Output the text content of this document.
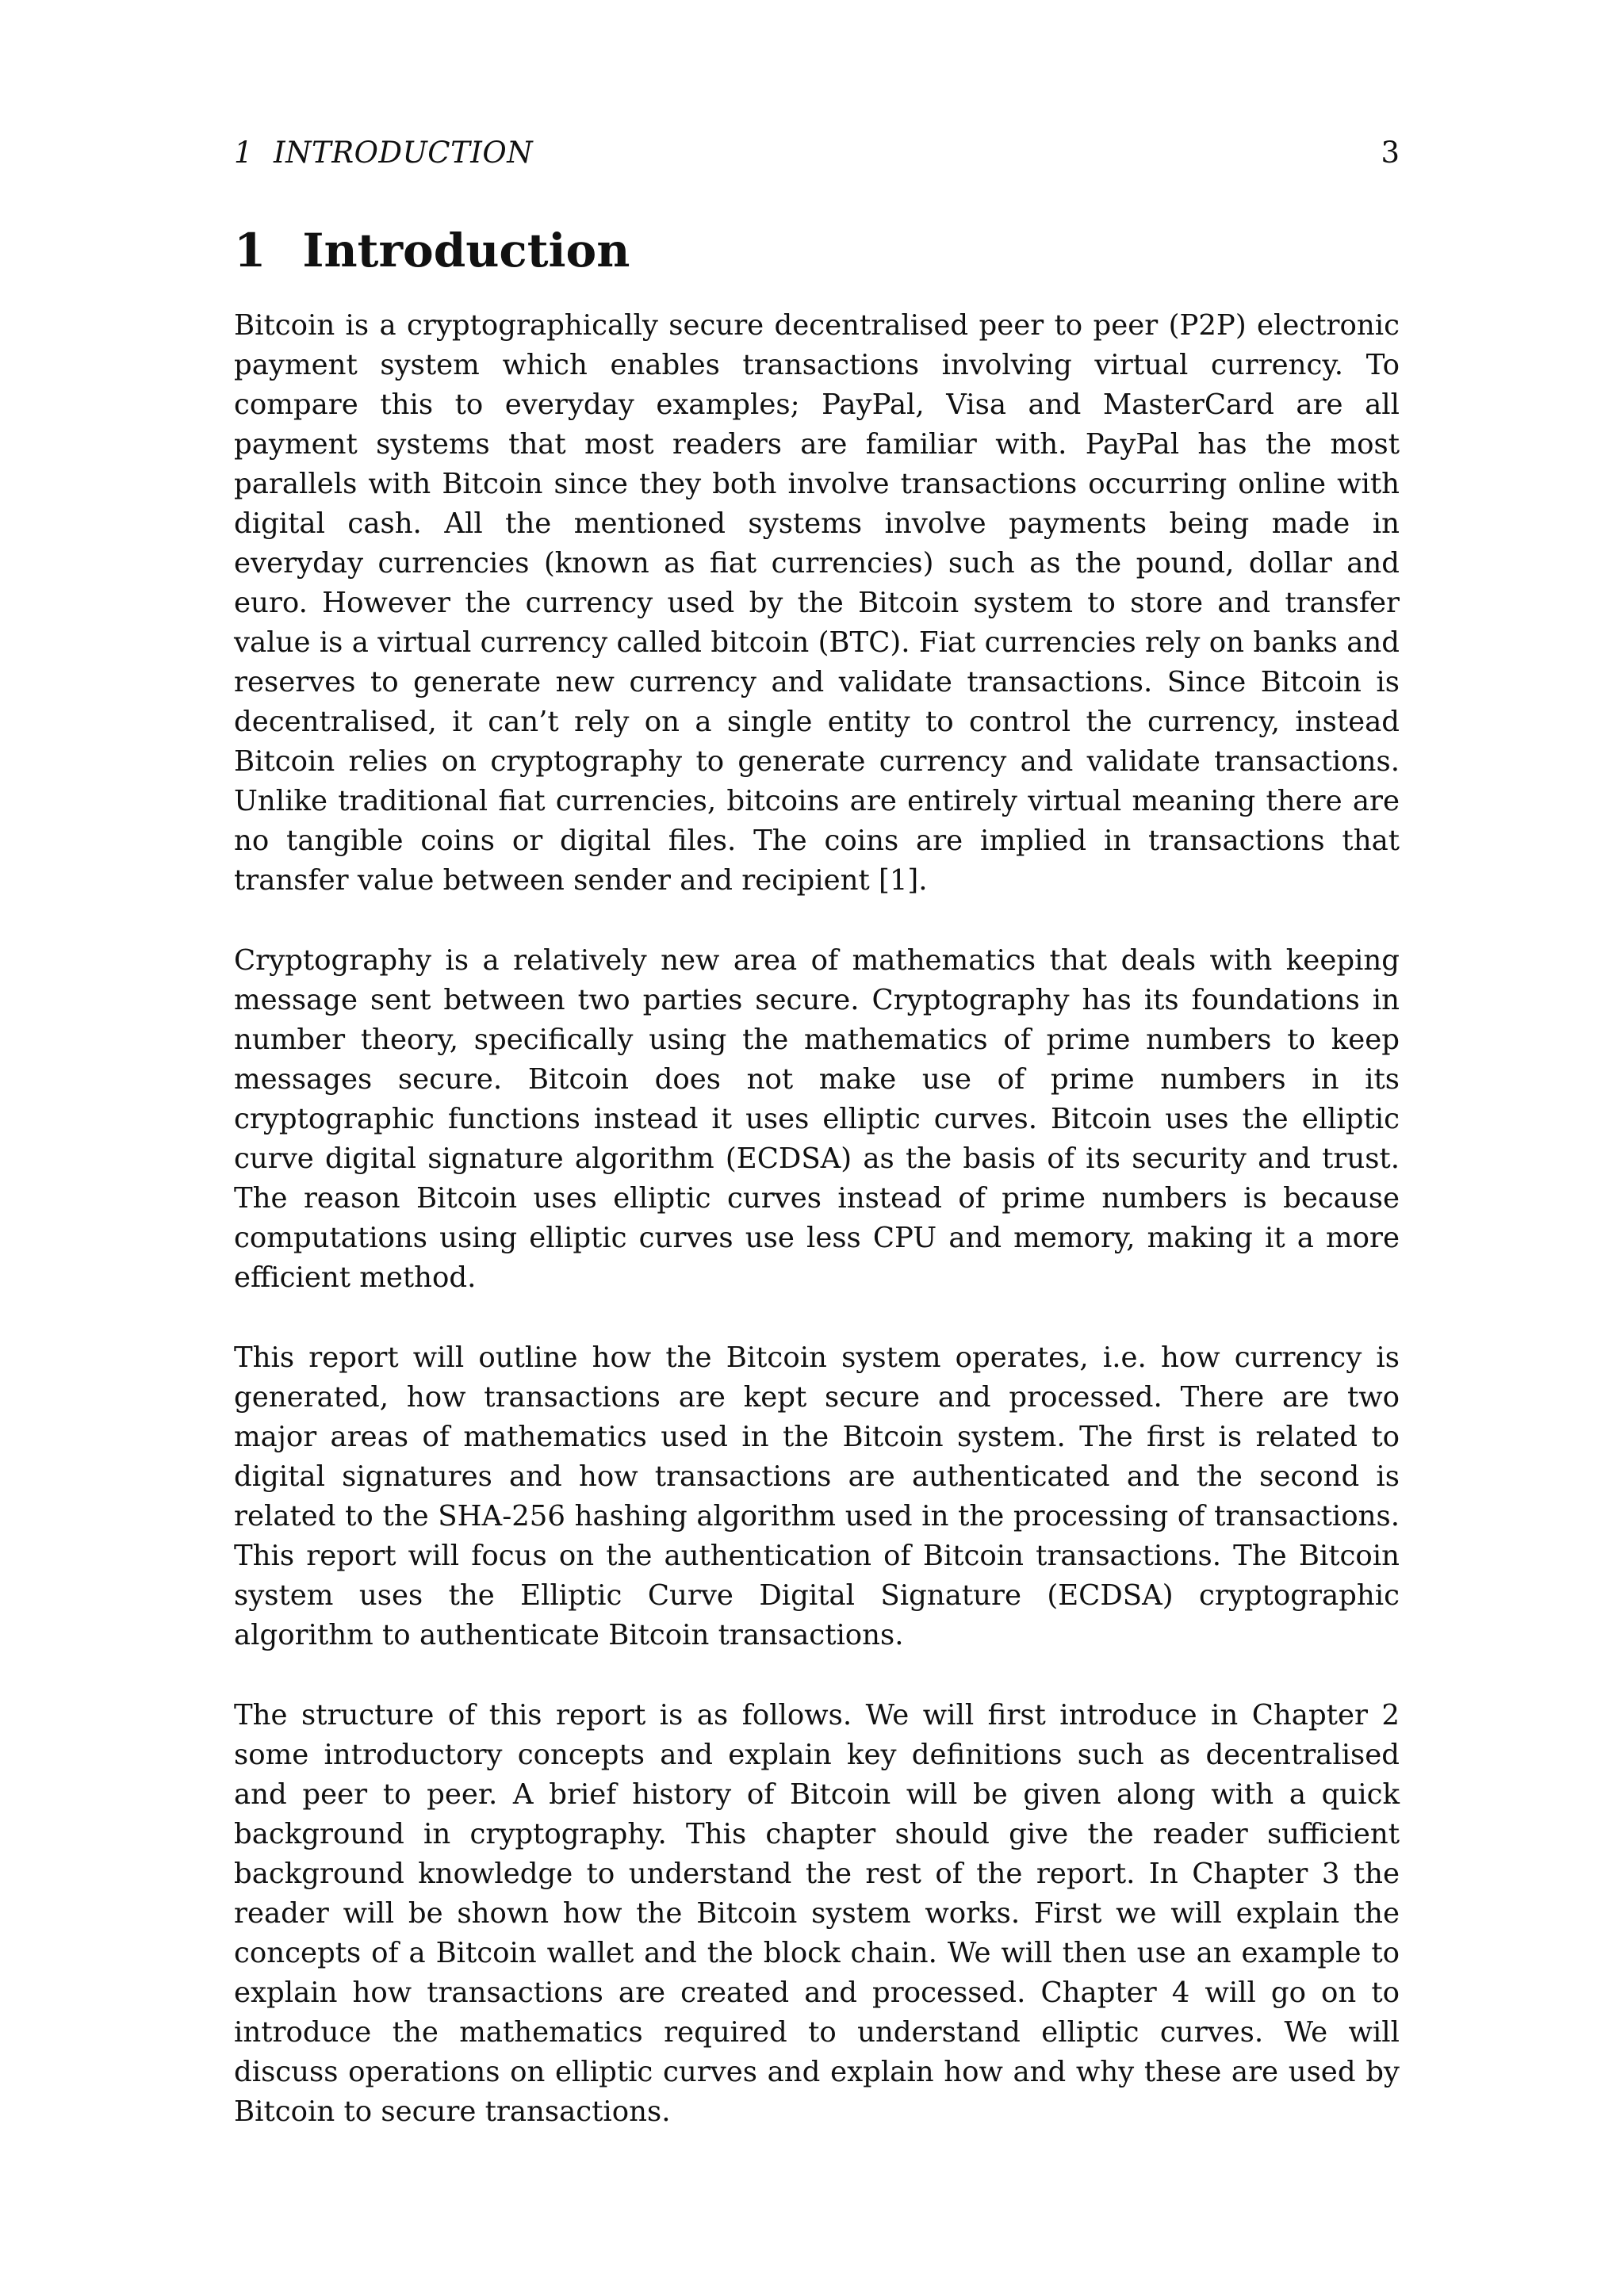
1 INTRODUCTION	3
1 Introduction

Bitcoin is a cryptographically secure decentralised peer to peer (P2P) electronic payment system which enables transactions involving virtual currency. To compare this to everyday examples; PayPal, Visa and MasterCard are all payment systems that most readers are familiar with. PayPal has the most parallels with Bitcoin since they both involve transactions occurring online with digital cash. All the mentioned systems involve payments being made in everyday currencies (known as fiat currencies) such as the pound, dollar and euro. However the currency used by the Bitcoin system to store and transfer value is a virtual currency called bitcoin (BTC). Fiat currencies rely on banks and reserves to generate new currency and validate transactions. Since Bitcoin is decentralised, it can’t rely on a single entity to control the currency, instead Bitcoin relies on cryptography to generate currency and validate transactions. Unlike traditional fiat currencies, bitcoins are entirely virtual meaning there are no tangible coins or digital files. The coins are implied in transactions that transfer value between sender and recipient [1].

Cryptography is a relatively new area of mathematics that deals with keeping message sent between two parties secure. Cryptography has its foundations in number theory, specifically using the mathematics of prime numbers to keep messages secure. Bitcoin does not make use of prime numbers in its cryptographic functions instead it uses elliptic curves. Bitcoin uses the elliptic curve digital signature algorithm (ECDSA) as the basis of its security and trust. The reason Bitcoin uses elliptic curves instead of prime numbers is because computations using elliptic curves use less CPU and memory, making it a more efficient method.

This report will outline how the Bitcoin system operates, i.e. how currency is generated, how transactions are kept secure and processed. There are two major areas of mathematics used in the Bitcoin system. The first is related to digital signatures and how transactions are authenticated and the second is related to the SHA-256 hashing algorithm used in the processing of transactions. This report will focus on the authentication of Bitcoin transactions. The Bitcoin system uses the Elliptic Curve Digital Signature (ECDSA) cryptographic algorithm to authenticate Bitcoin transactions.

The structure of this report is as follows. We will first introduce in Chapter 2 some introductory concepts and explain key definitions such as decentralised and peer to peer. A brief history of Bitcoin will be given along with a quick background in cryptography. This chapter should give the reader sufficient background knowledge to understand the rest of the report. In Chapter 3 the reader will be shown how the Bitcoin system works. First we will explain the concepts of a Bitcoin wallet and the block chain. We will then use an example to explain how transactions are created and processed. Chapter 4 will go on to introduce the mathematics required to understand elliptic curves. We will discuss operations on elliptic curves and explain how and why these are used by Bitcoin to secure transactions.
